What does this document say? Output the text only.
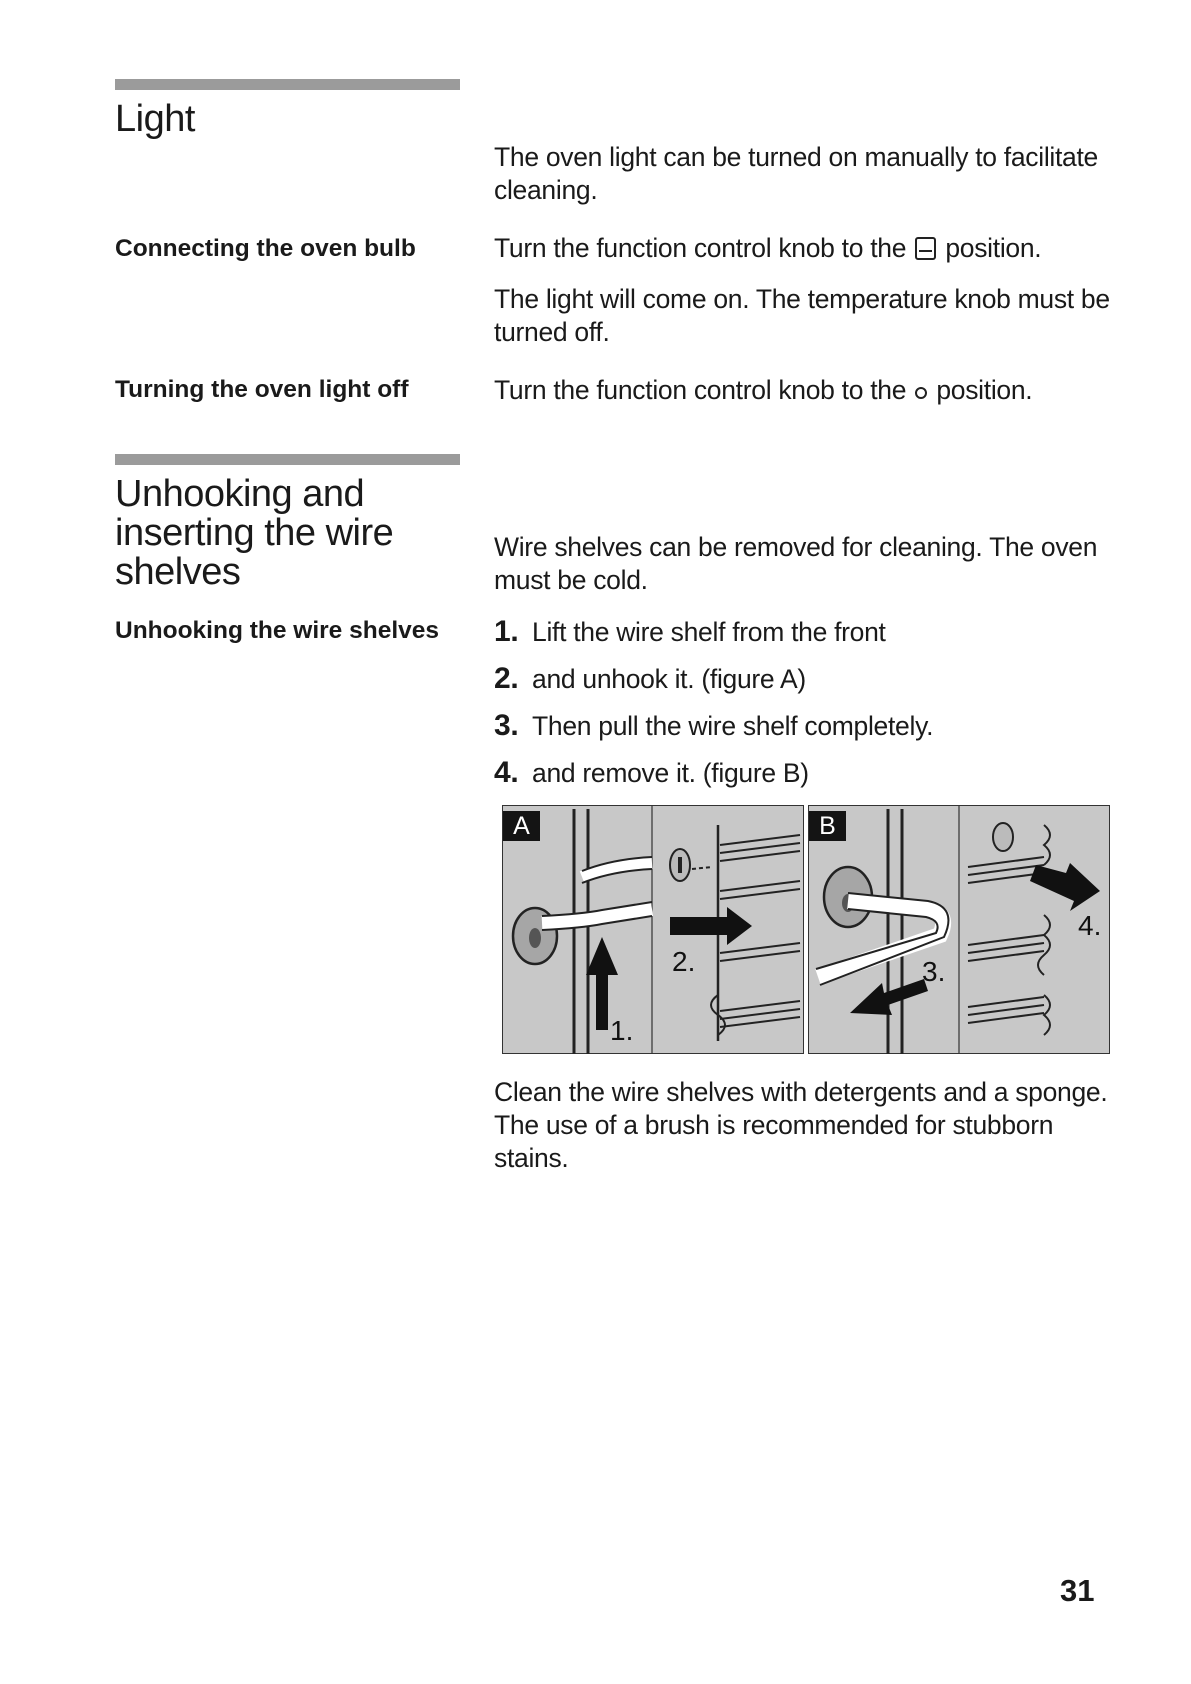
Light

The oven light can be turned on manually to facilitate cleaning.

Connecting the oven bulb	Turn the function control knob to the position.

The light will come on. The temperature knob must be turned off.

Turning the oven light off	Turn the function control knob to the position.

Unhooking and
inserting the wire
shelves

Wire shelves can be removed for cleaning. The oven must be cold.

Unhooking the wire shelves 1. Lift the wire shelf from the front
2. and unhook it. (figure A)
3. Then pull the wire shelf completely.
4. and remove it. (figure B)
1.
2.
A
3.
4.
B

Clean the wire shelves with detergents and a sponge. The use of a brush is recommended for stubborn stains.

31
